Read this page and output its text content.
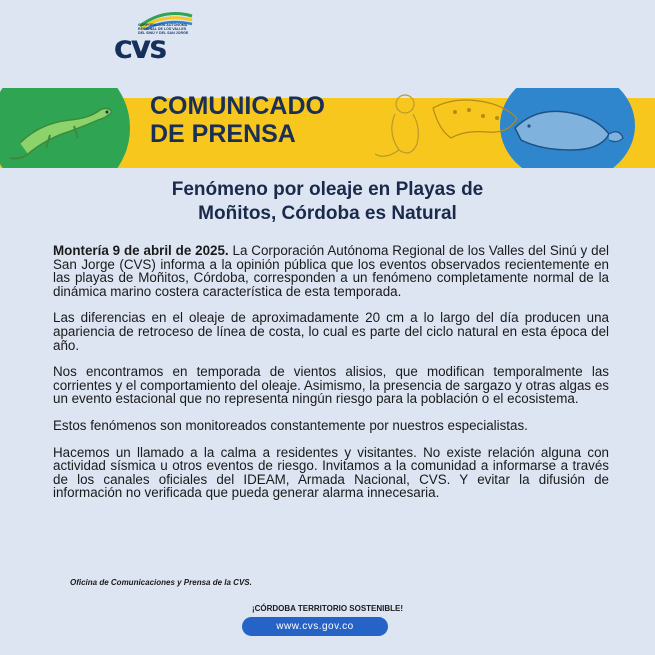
CORPORACIÓN AUTÓNOMA REGIONAL DE LOS VALLES DEL SINÚ Y DEL SAN JORGE
CVS
COMUNICADO
DE PRENSA
Fenómeno por oleaje en Playas de
Moñitos, Córdoba es Natural

Montería 9 de abril de 2025. La Corporación Autónoma Regional de los Valles del Sinú y del San Jorge (CVS) informa a la opinión pública que los eventos observados recientemente en las playas de Moñitos, Córdoba, corresponden a un fenómeno completamente normal de la dinámica marino costera característica de esta temporada.

Las diferencias en el oleaje de aproximadamente 20 cm a lo largo del día producen una apariencia de retroceso de línea de costa, lo cual es parte del ciclo natural en esta época del año.

Nos encontramos en temporada de vientos alisios, que modifican temporalmente las corrientes y el comportamiento del oleaje. Asimismo, la presencia de sargazo y otras algas es un evento estacional que no representa ningún riesgo para la población o el ecosistema.

Estos fenómenos son monitoreados constantemente por nuestros especialistas.

Hacemos un llamado a la calma a residentes y visitantes. No existe relación alguna con actividad sísmica u otros eventos de riesgo. Invitamos a la comunidad a informarse a través de los canales oficiales del IDEAM, Armada Nacional, CVS. Y evitar la difusión de información no verificada que pueda generar alarma innecesaria.

Oficina de Comunicaciones y Prensa de la CVS.
¡CÓRDOBA TERRITORIO SOSTENIBLE!
www.cvs.gov.co
